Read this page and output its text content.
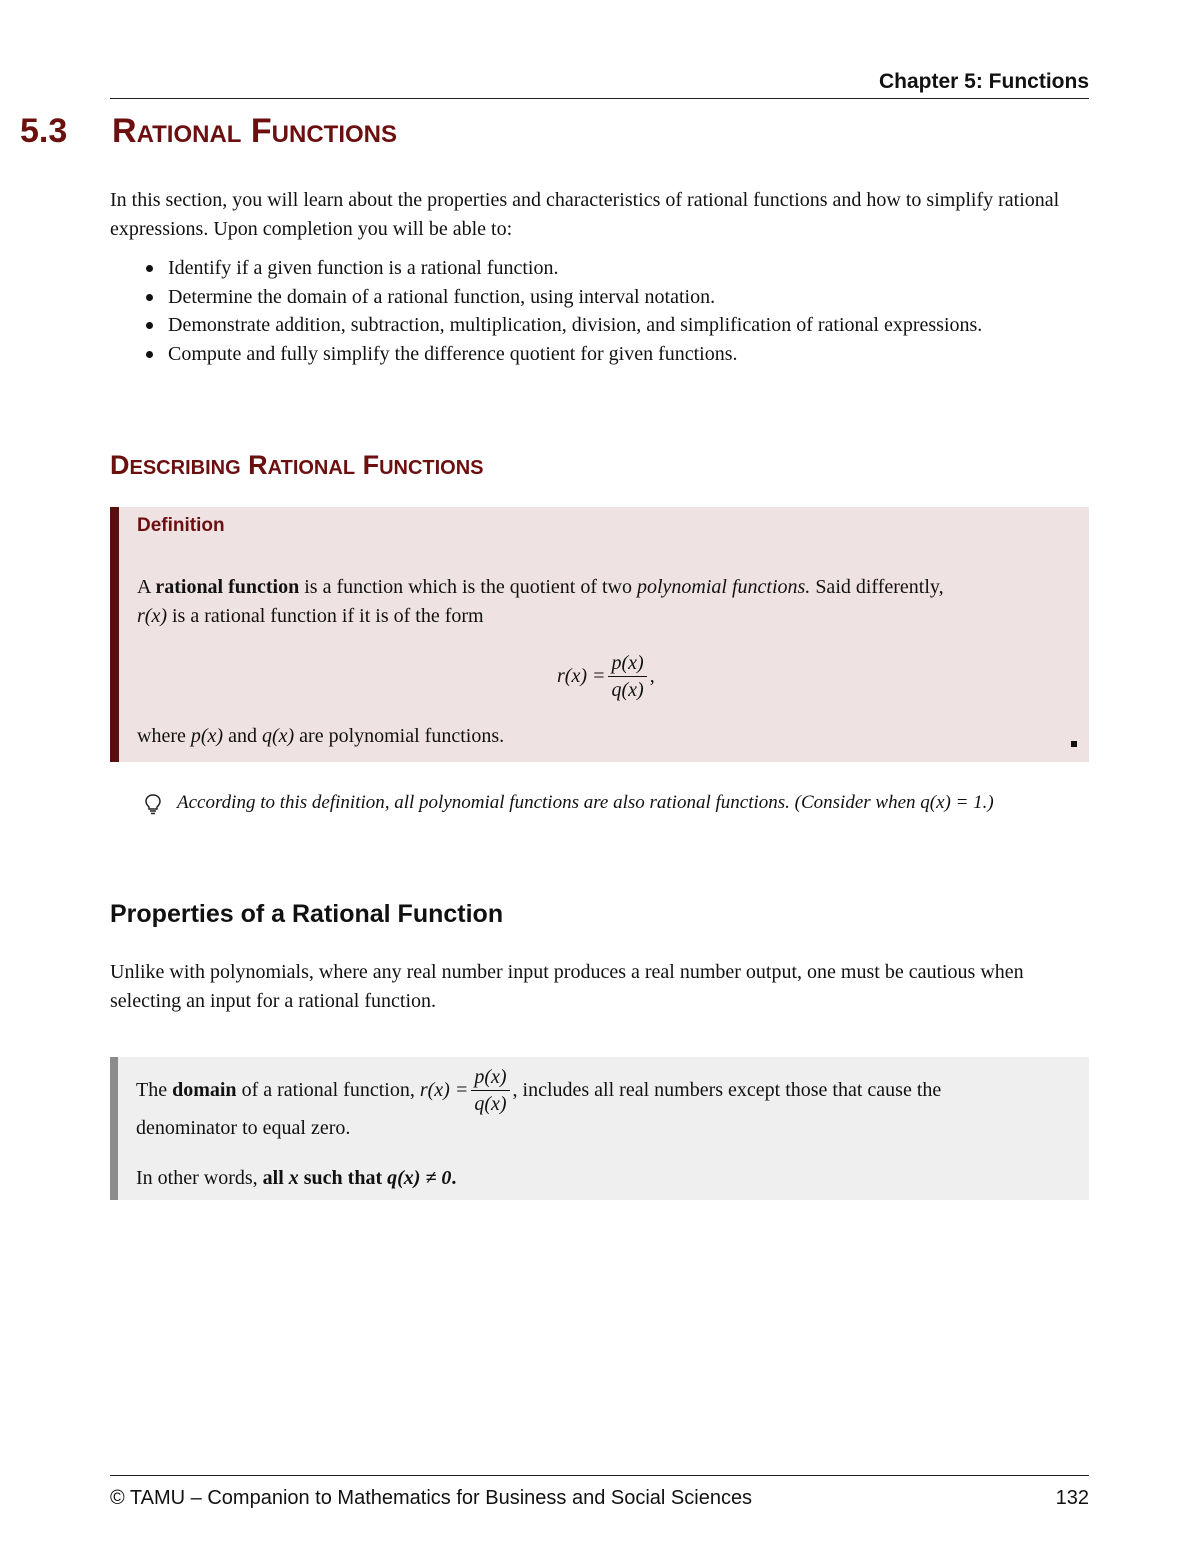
Chapter 5: Functions
5.3 RATIONAL FUNCTIONS
In this section, you will learn about the properties and characteristics of rational functions and how to simplify rational expressions. Upon completion you will be able to:
Identify if a given function is a rational function.
Determine the domain of a rational function, using interval notation.
Demonstrate addition, subtraction, multiplication, division, and simplification of rational expressions.
Compute and fully simplify the difference quotient for given functions.
DESCRIBING RATIONAL FUNCTIONS
Definition
A rational function is a function which is the quotient of two polynomial functions. Said differently,
r(x) is a rational function if it is of the form
$r(x) = \frac{p(x)}{q(x)}$ ,
where p(x) and q(x) are polynomial functions.
According to this definition, all polynomial functions are also rational functions. (Consider when q(x) = 1.)
Properties of a Rational Function
Unlike with polynomials, where any real number input produces a real number output, one must be cautious when selecting an input for a rational function.
The domain of a rational function,
$r(x) = \frac{p(x)}{q(x)}$ , includes all real numbers except those that cause the
denominator to equal zero.
In other words, all x such that q(x) ≠ 0.
© TAMU – Companion to Mathematics for Business and Social Sciences	132
